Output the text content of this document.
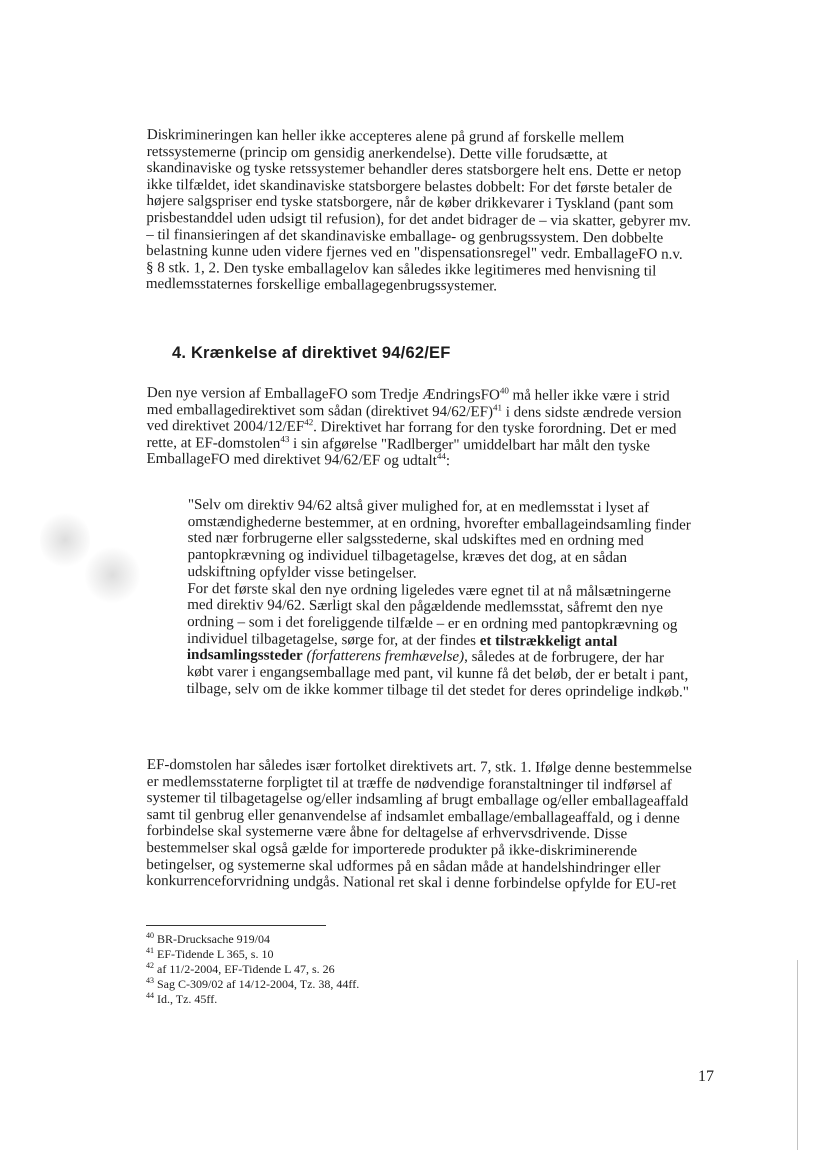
Diskrimineringen kan heller ikke accepteres alene på grund af forskelle mellem
retssystemerne (princip om gensidig anerkendelse). Dette ville forudsætte, at
skandinaviske og tyske retssystemer behandler deres statsborgere helt ens. Dette er netop
ikke tilfældet, idet skandinaviske statsborgere belastes dobbelt: For det første betaler de
højere salgspriser end tyske statsborgere, når de køber drikkevarer i Tyskland (pant som
prisbestanddel uden udsigt til refusion), for det andet bidrager de – via skatter, gebyrer mv.
– til finansieringen af det skandinaviske emballage- og genbrugssystem. Den dobbelte
belastning kunne uden videre fjernes ved en "dispensationsregel" vedr. EmballageFO n.v.
§ 8 stk. 1, 2. Den tyske emballagelov kan således ikke legitimeres med henvisning til
medlemsstaternes forskellige emballagegenbrugssystemer.
4. Krænkelse af direktivet 94/62/EF
Den nye version af EmballageFO som Tredje ÆndringsFO$^{40}$ må heller ikke være i strid
med emballagedirektivet som sådan (direktivet 94/62/EF)$^{41}$ i dens sidste ændrede version
ved direktivet 2004/12/EF$^{42}$. Direktivet har forrang for den tyske forordning. Det er med
rette, at EF-domstolen$^{43}$ i sin afgørelse "Radlberger" umiddelbart har målt den tyske
EmballageFO med direktivet 94/62/EF og udtalt$^{44}$:
"Selv om direktiv 94/62 altså giver mulighed for, at en medlemsstat i lyset af
omstændighederne bestemmer, at en ordning, hvorefter emballageindsamling finder
sted nær forbrugerne eller salgsstederne, skal udskiftes med en ordning med
pantopkrævning og individuel tilbagetagelse, kræves det dog, at en sådan
udskiftning opfylder visse betingelser.
For det første skal den nye ordning ligeledes være egnet til at nå målsætningerne
med direktiv 94/62. Særligt skal den pågældende medlemsstat, såfremt den nye
ordning – som i det foreliggende tilfælde – er en ordning med pantopkrævning og
individuel tilbagetagelse, sørge for, at der findes et tilstrækkeligt antal
indsamlingssteder (forfatterens fremhævelse), således at de forbrugere, der har
købt varer i engangsemballage med pant, vil kunne få det beløb, der er betalt i pant,
tilbage, selv om de ikke kommer tilbage til det stedet for deres oprindelige indkøb."
EF-domstolen har således især fortolket direktivets art. 7, stk. 1. Ifølge denne bestemmelse
er medlemsstaterne forpligtet til at træffe de nødvendige foranstaltninger til indførsel af
systemer til tilbagetagelse og/eller indsamling af brugt emballage og/eller emballageaffald
samt til genbrug eller genanvendelse af indsamlet emballage/emballageaffald, og i denne
forbindelse skal systemerne være åbne for deltagelse af erhvervsdrivende. Disse
bestemmelser skal også gælde for importerede produkter på ikke-diskriminerende
betingelser, og systemerne skal udformes på en sådan måde at handelshindringer eller
konkurrenceforvridning undgås. National ret skal i denne forbindelse opfylde for EU-ret
$^{40}$ BR-Drucksache 919/04
$^{41}$ EF-Tidende L 365, s. 10
$^{42}$ af 11/2-2004, EF-Tidende L 47, s. 26
$^{43}$ Sag C-309/02 af 14/12-2004, Tz. 38, 44ff.
$^{44}$ Id., Tz. 45ff.
17
